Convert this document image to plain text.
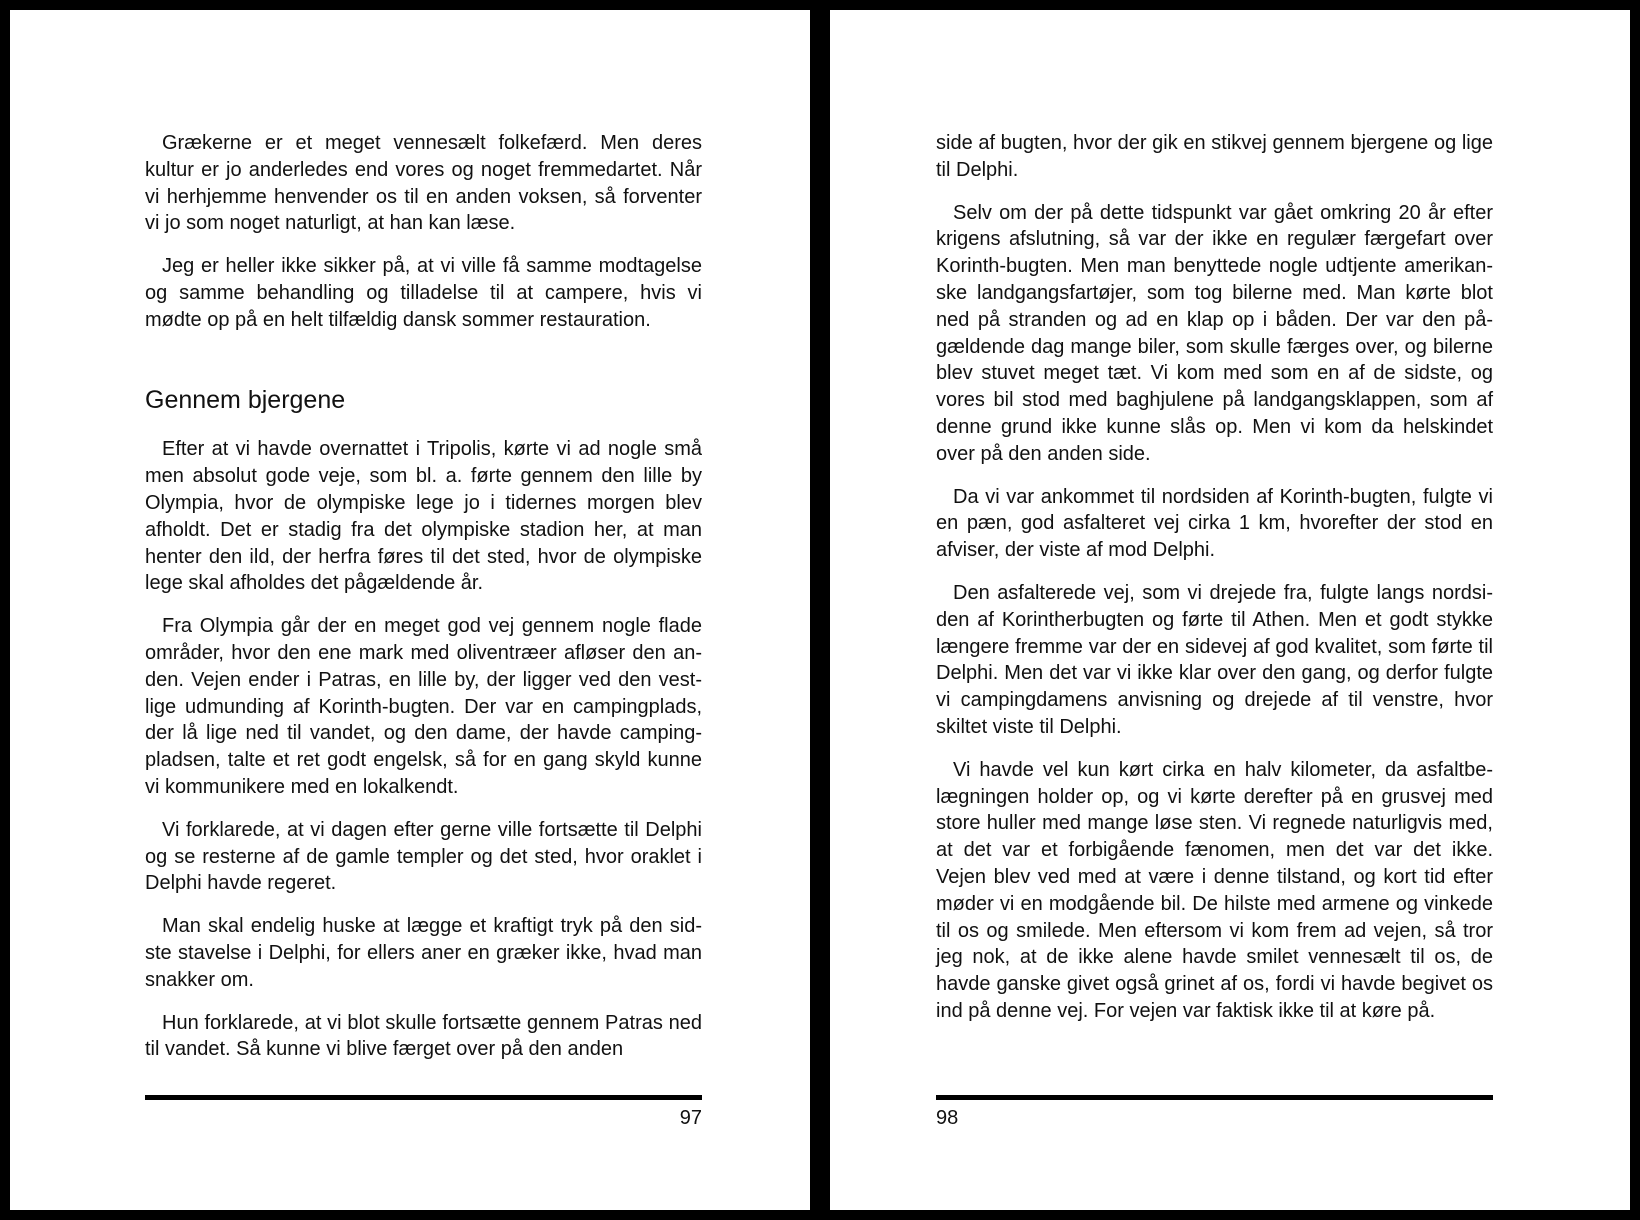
Grækerne er et meget vennesælt folkefærd. Men deres kultur er jo anderledes end vores og noget fremmedartet. Når vi herhjemme henvender os til en anden voksen, så forventer vi jo som noget naturligt, at han kan læse.

Jeg er heller ikke sikker på, at vi ville få samme modtagelse og samme behandling og tilladelse til at campere, hvis vi mødte op på en helt tilfældig dansk sommer restauration.

Gennem bjergene

Efter at vi havde overnattet i Tripolis, kørte vi ad nogle små men absolut gode veje, som bl. a. førte gennem den lille by Olympia, hvor de olympiske lege jo i tidernes morgen blev afholdt. Det er stadig fra det olympiske stadion her, at man henter den ild, der herfra føres til det sted, hvor de olympiske lege skal afholdes det pågældende år.

Fra Olympia går der en meget god vej gennem nogle flade områder, hvor den ene mark med oliventræer afløser den anden. Vejen ender i Patras, en lille by, der ligger ved den vestlige udmunding af Korinth-bugten. Der var en campingplads, der lå lige ned til vandet, og den dame, der havde campingpladsen, talte et ret godt engelsk, så for en gang skyld kunne vi kommunikere med en lokalkendt.

Vi forklarede, at vi dagen efter gerne ville fortsætte til Delphi og se resterne af de gamle templer og det sted, hvor oraklet i Delphi havde regeret.

Man skal endelig huske at lægge et kraftigt tryk på den sidste stavelse i Delphi, for ellers aner en græker ikke, hvad man snakker om.

Hun forklarede, at vi blot skulle fortsætte gennem Patras ned til vandet. Så kunne vi blive færget over på den anden

97

side af bugten, hvor der gik en stikvej gennem bjergene og lige til Delphi.

Selv om der på dette tidspunkt var gået omkring 20 år efter krigens afslutning, så var der ikke en regulær færgefart over Korinth-bugten. Men man benyttede nogle udtjente amerikanske landgangsfartøjer, som tog bilerne med. Man kørte blot ned på stranden og ad en klap op i båden. Der var den pågældende dag mange biler, som skulle færges over, og bilerne blev stuvet meget tæt. Vi kom med som en af de sidste, og vores bil stod med baghjulene på landgangsklappen, som af denne grund ikke kunne slås op. Men vi kom da helskindet over på den anden side.

Da vi var ankommet til nordsiden af Korinth-bugten, fulgte vi en pæn, god asfalteret vej cirka 1 km, hvorefter der stod en afviser, der viste af mod Delphi.

Den asfalterede vej, som vi drejede fra, fulgte langs nordsiden af Korintherbugten og førte til Athen. Men et godt stykke længere fremme var der en sidevej af god kvalitet, som førte til Delphi. Men det var vi ikke klar over den gang, og derfor fulgte vi campingdamens anvisning og drejede af til venstre, hvor skiltet viste til Delphi.

Vi havde vel kun kørt cirka en halv kilometer, da asfaltbelægningen holder op, og vi kørte derefter på en grusvej med store huller med mange løse sten. Vi regnede naturligvis med, at det var et forbigående fænomen, men det var det ikke. Vejen blev ved med at være i denne tilstand, og kort tid efter møder vi en modgående bil. De hilste med armene og vinkede til os og smilede. Men eftersom vi kom frem ad vejen, så tror jeg nok, at de ikke alene havde smilet vennesælt til os, de havde ganske givet også grinet af os, fordi vi havde begivet os ind på denne vej. For vejen var faktisk ikke til at køre på.

98
